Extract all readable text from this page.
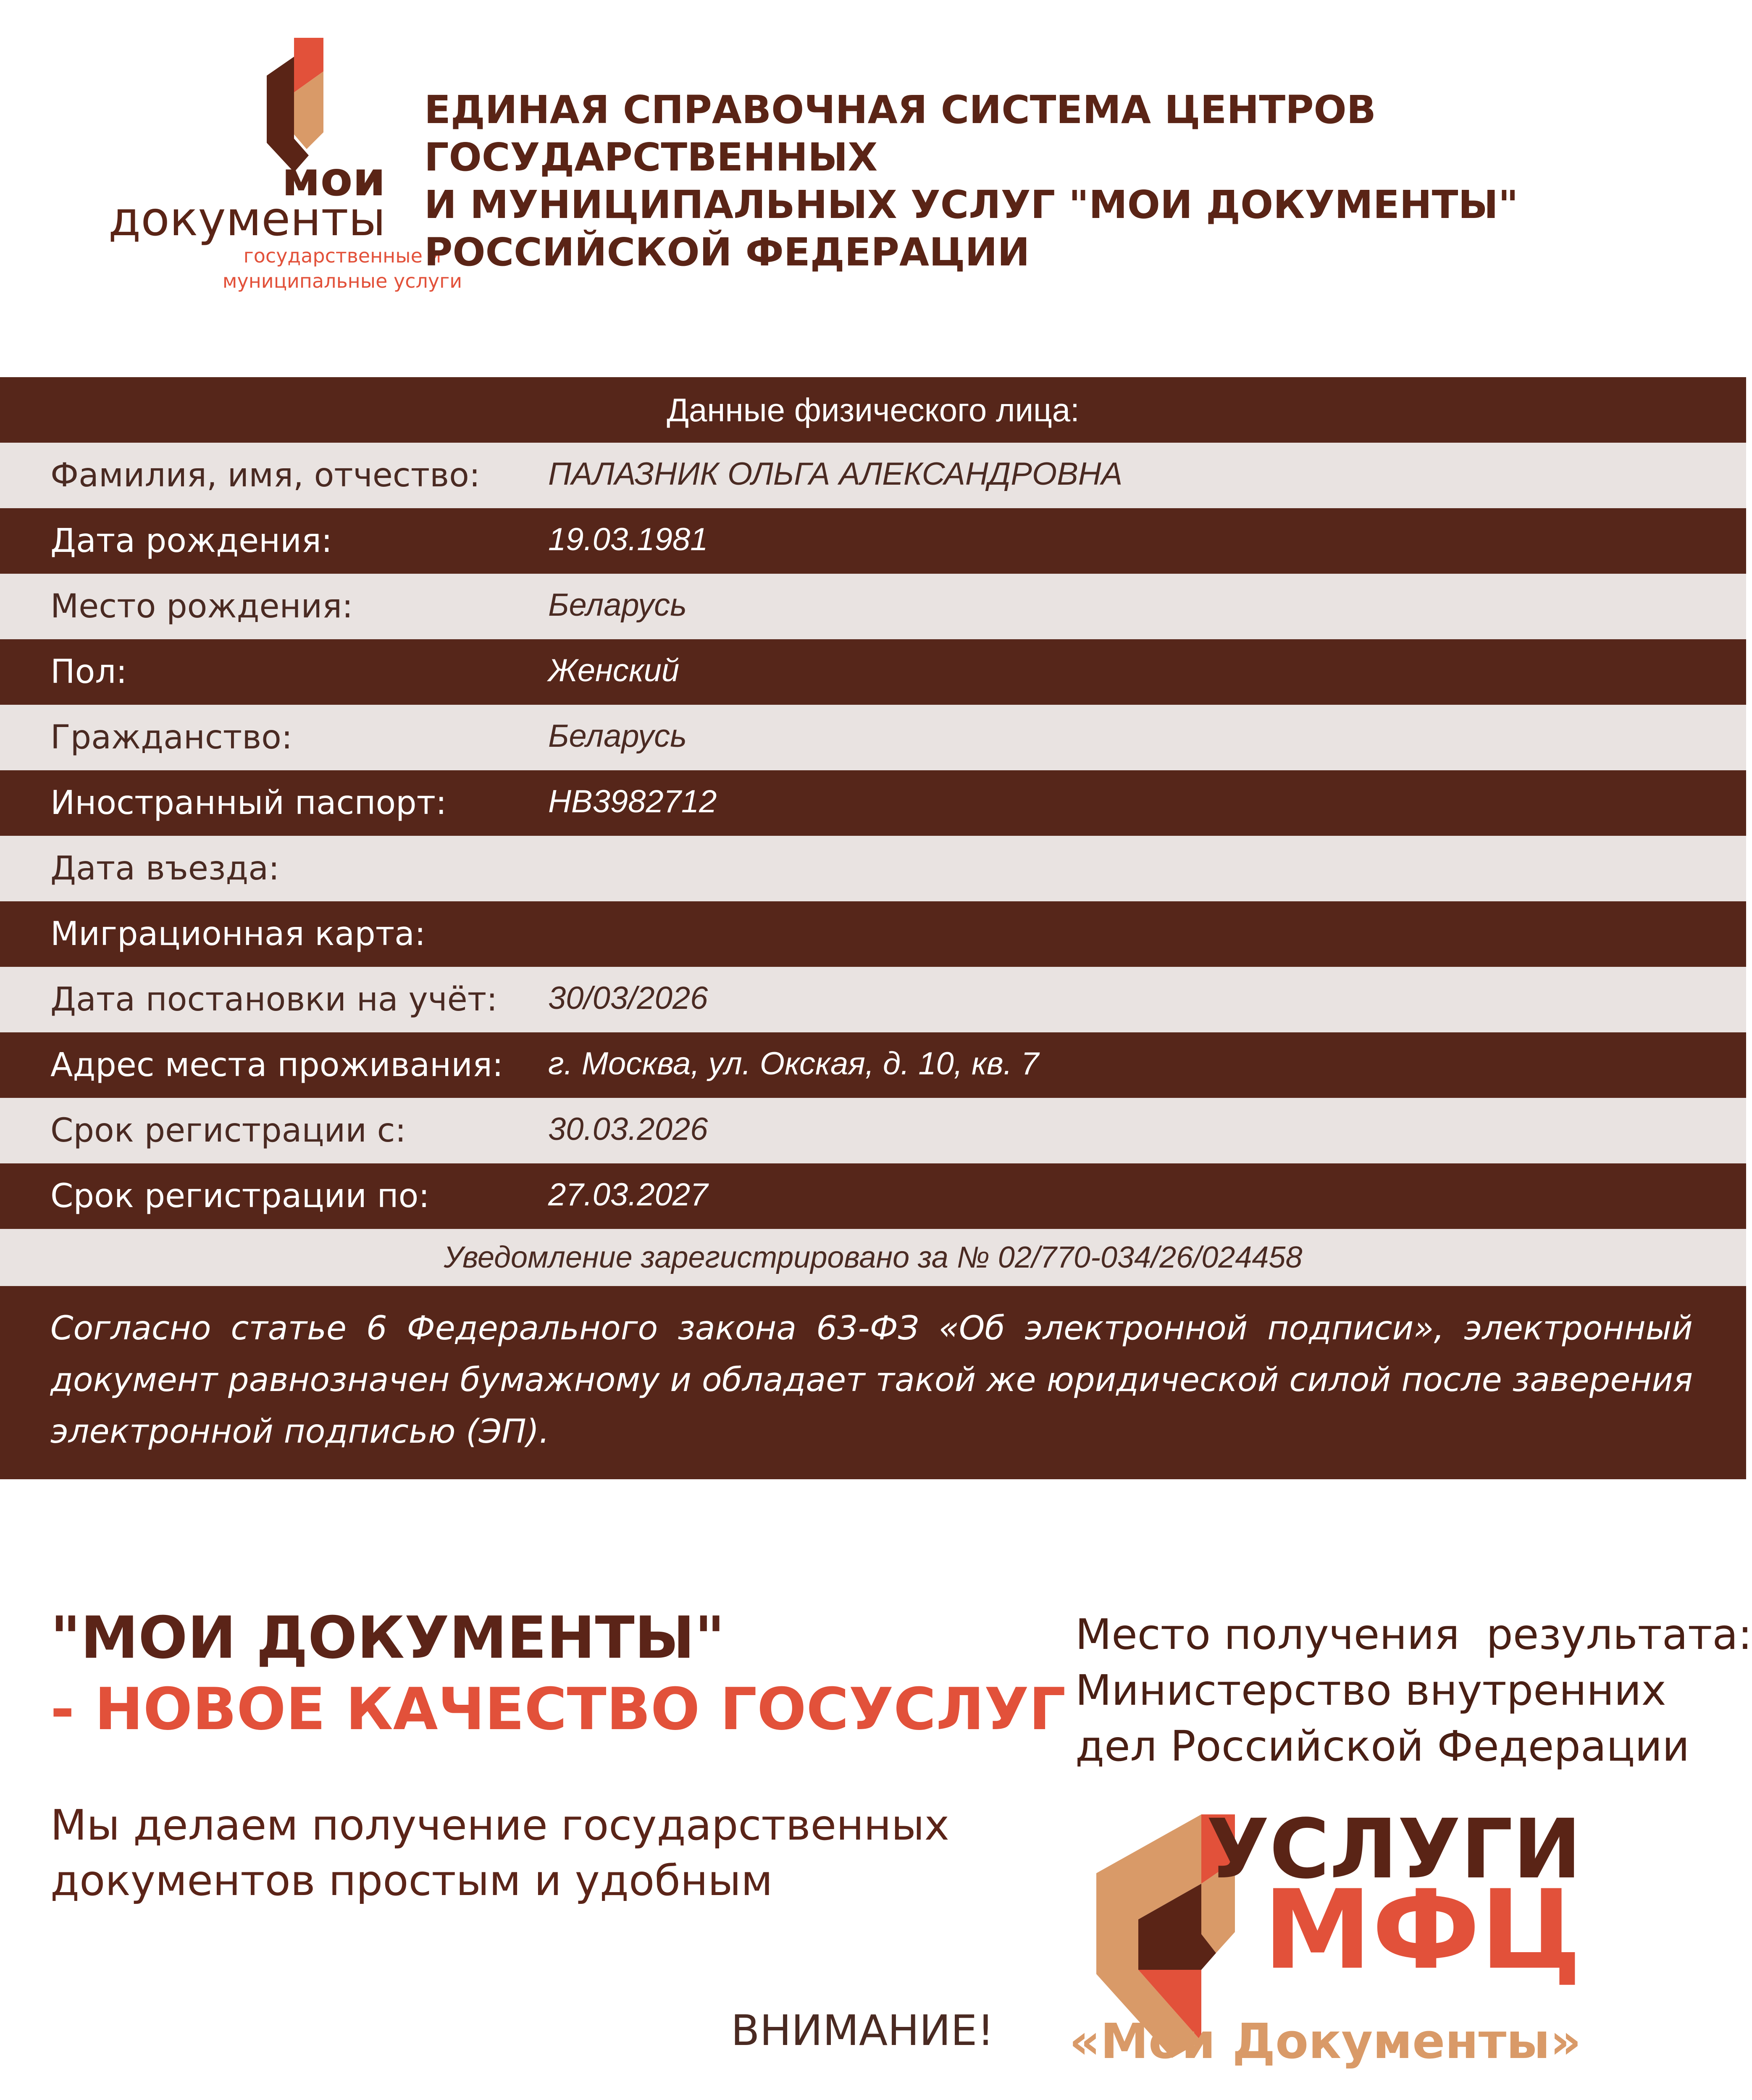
мои
документы
государственные и
муниципальные услуги
ЕДИНАЯ СПРАВОЧНАЯ СИСТЕМА ЦЕНТРОВ ГОСУДАРСТВЕННЫХ
И МУНИЦИПАЛЬНЫХ УСЛУГ "МОИ ДОКУМЕНТЫ"
РОССИЙСКОЙ ФЕДЕРАЦИИ
Данные физического лица:
Фамилия, имя, отчество: ПАЛАЗНИК ОЛЬГА АЛЕКСАНДРОВНА
Дата рождения:	19.03.1981
Место рождения:	Беларусь
Пол:	Женский
Гражданство:	Беларусь
Иностранный паспорт:	НВ3982712
Дата въезда:
Миграционная карта:
Дата постановки на учёт: 30/03/2026
Адрес места проживания: г. Москва, ул. Окская, д. 10, кв. 7
Срок регистрации с:	30.03.2026
Срок регистрации по:	27.03.2027
Уведомление зарегистрировано за № 02/770-034/26/024458
Согласно статье 6 Федерального закона 63-ФЗ «Об электронной подписи», электронный документ равнозначен бумажному и обладает такой же юридической силой после заверения электронной подписью (ЭП).
"МОИ ДОКУМЕНТЫ"
- НОВОЕ КАЧЕСТВО ГОСУСЛУГ
Мы делаем получение государственных документов простым и удобным
Место получения  результата:
Министерство внутренних
дел Российской Федерации
УСЛУГИ
МФЦ
«Мои Документы»
ВНИМАНИЕ!
